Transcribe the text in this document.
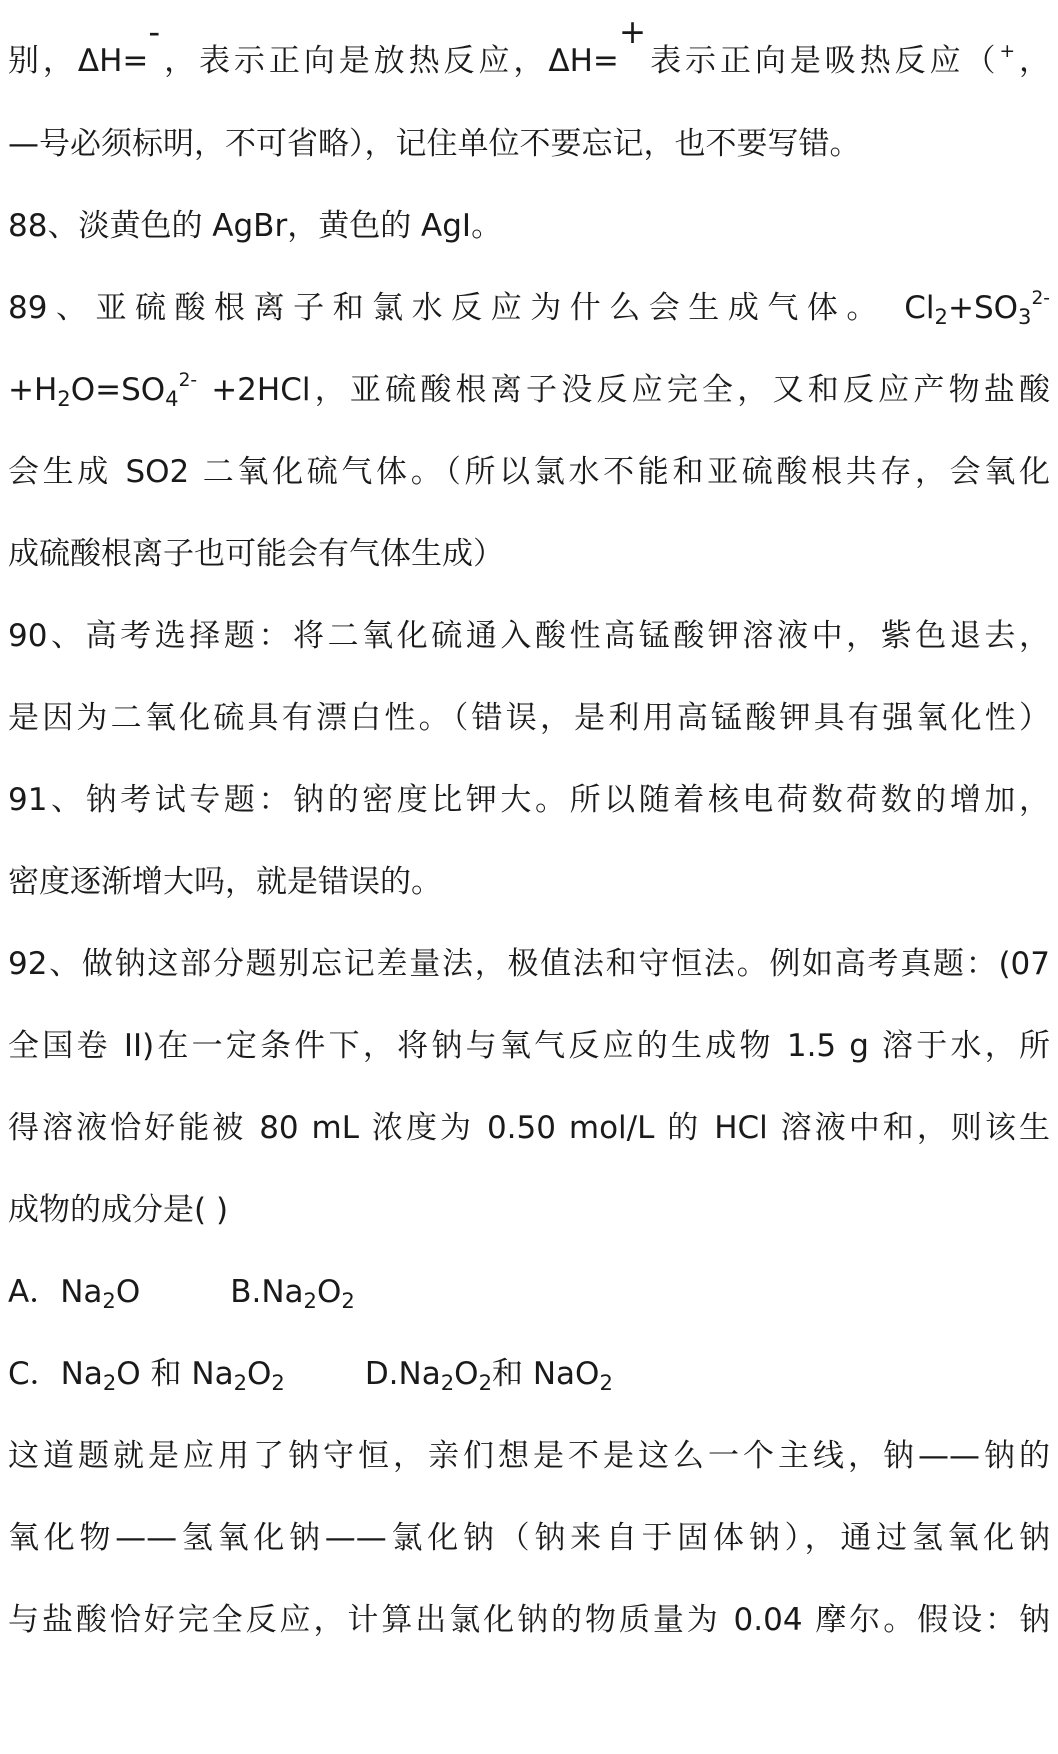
别，ΔH=-，表示正向是放热反应，ΔH=+表示正向是吸热反应（+，
—号必须标明，不可省略），记住单位不要忘记，也不要写错。
88、淡黄色的 AgBr，黄色的 AgI。
89、亚硫酸根离子和氯水反应为什么会生成气体。 $Cl_2+SO_3^{2-}$
$+H_2O=SO_4^{2-} +2HCl$，亚硫酸根离子没反应完全，又和反应产物盐酸
会生成 SO2 二氧化硫气体。（所以氯水不能和亚硫酸根共存，会氧化
成硫酸根离子也可能会有气体生成）
90、高考选择题：将二氧化硫通入酸性高锰酸钾溶液中，紫色退去，
是因为二氧化硫具有漂白性。（错误，是利用高锰酸钾具有强氧化性）
91、钠考试专题：钠的密度比钾大。所以随着核电荷数荷数的增加，
密度逐渐增大吗，就是错误的。
92、做钠这部分题别忘记差量法，极值法和守恒法。例如高考真题：(07
全国卷 II)在一定条件下，将钠与氧气反应的生成物 1.5 g 溶于水，所
得溶液恰好能被 80 mL 浓度为 0.50 mol/L 的 HCl 溶液中和，则该生
成物的成分是( )
A．$Na_2O$	$B.Na_2O_2$
C．$Na_2O$ 和 $Na_2O_2$	$D.Na_2O_2$和 NaO$_2$
这道题就是应用了钠守恒，亲们想是不是这么一个主线，钠——钠的
氧化物——氢氧化钠——氯化钠（钠来自于固体钠），通过氢氧化钠
与盐酸恰好完全反应，计算出氯化钠的物质量为 0.04 摩尔。假设：钠
